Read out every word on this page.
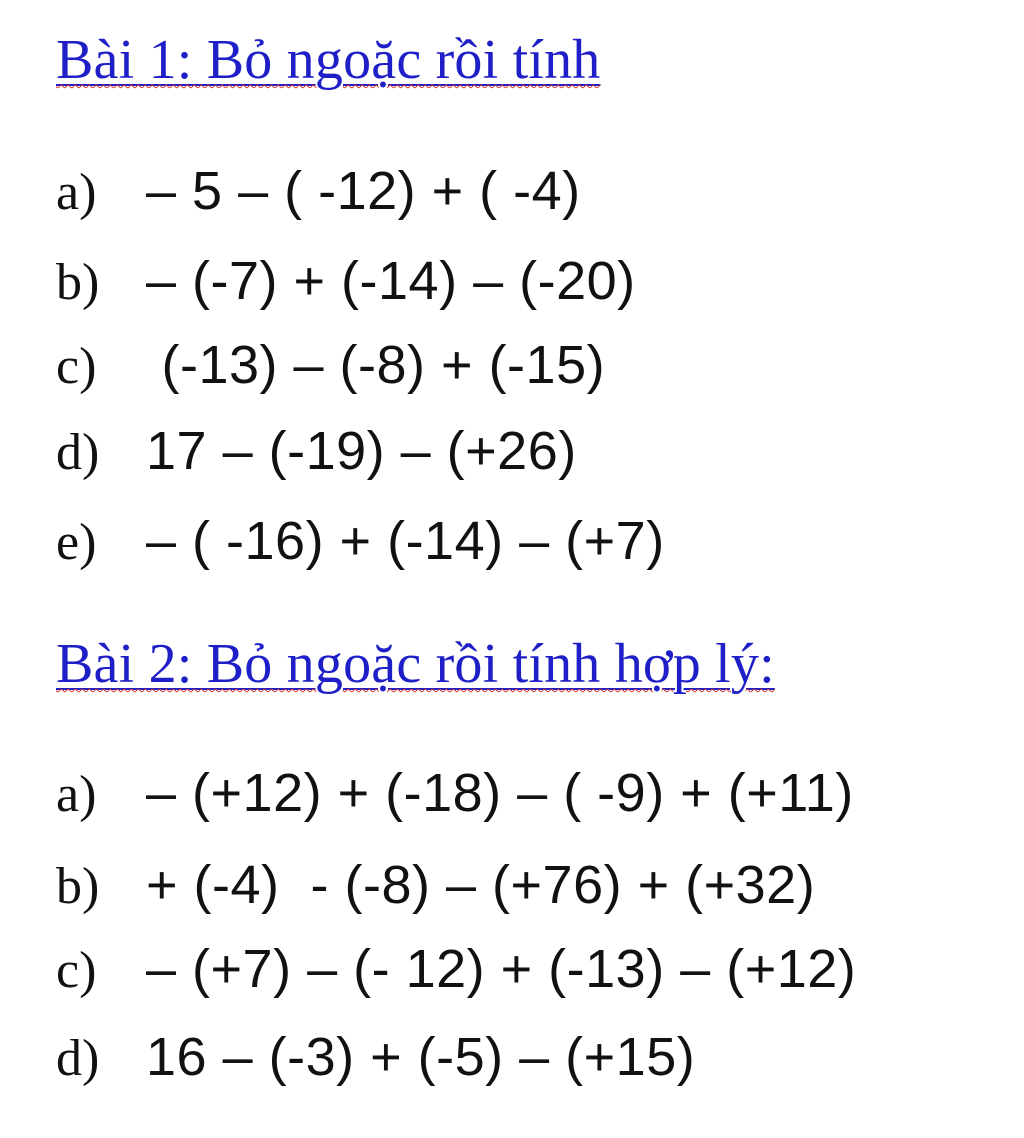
Bài 1: Bỏ ngoặc rồi tính
a) – 5 – ( -12) + ( -4)
b) – (-7) + (-14) – (-20)
c) (-13) – (-8) + (-15)
d) 17 – (-19) – (+26)
e) – ( -16) + (-14) – (+7)
Bài 2: Bỏ ngoặc rồi tính hợp lý:
a) – (+12) + (-18) – ( -9) + (+11)
b) + (-4)  - (-8) – (+76) + (+32)
c) – (+7) – (- 12) + (-13) – (+12)
d) 16 – (-3) + (-5) – (+15)
